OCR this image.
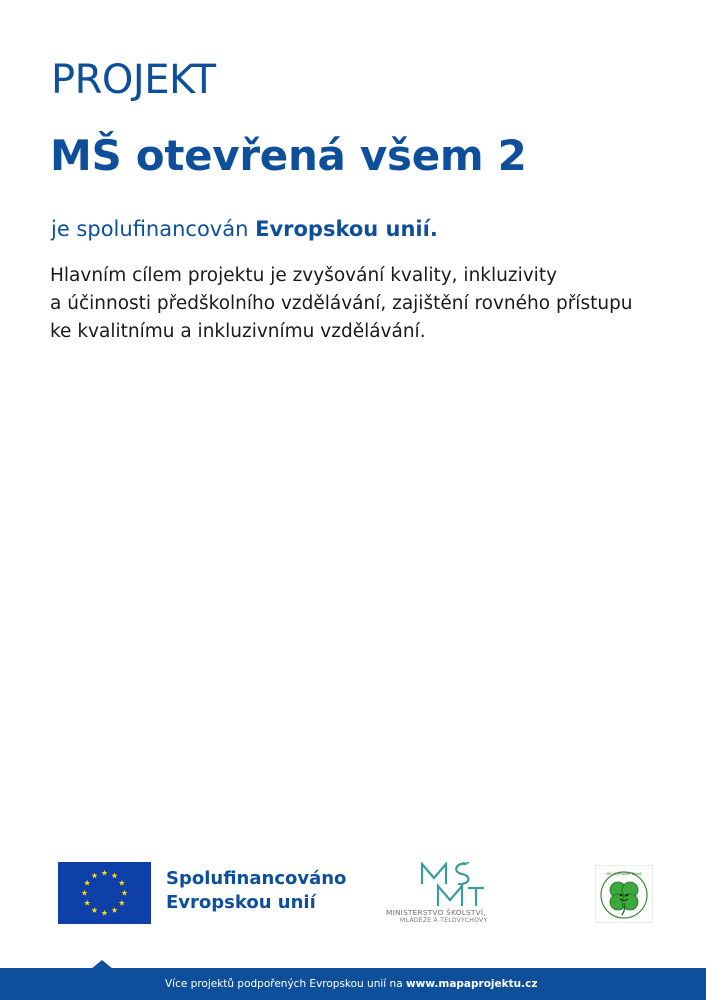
PROJEKT
MŠ otevřená všem 2

je spolufinancován Evropskou unií.

Hlavním cílem projektu je zvyšování kvality, inkluzivity
a účinnosti předškolního vzdělávání, zajištění rovného přístupu
ke kvalitnímu a inkluzivnímu vzdělávání.

Spolufinancováno
Evropskou unií	MINISTERSTVO ŠKOLSTVÍ,
MLÁDEŽE A TĚLOVÝCHOVY
MŠ Čtyřlístek Třebíč
Více projektů podpořených Evropskou unií na www.mapaprojektu.cz
